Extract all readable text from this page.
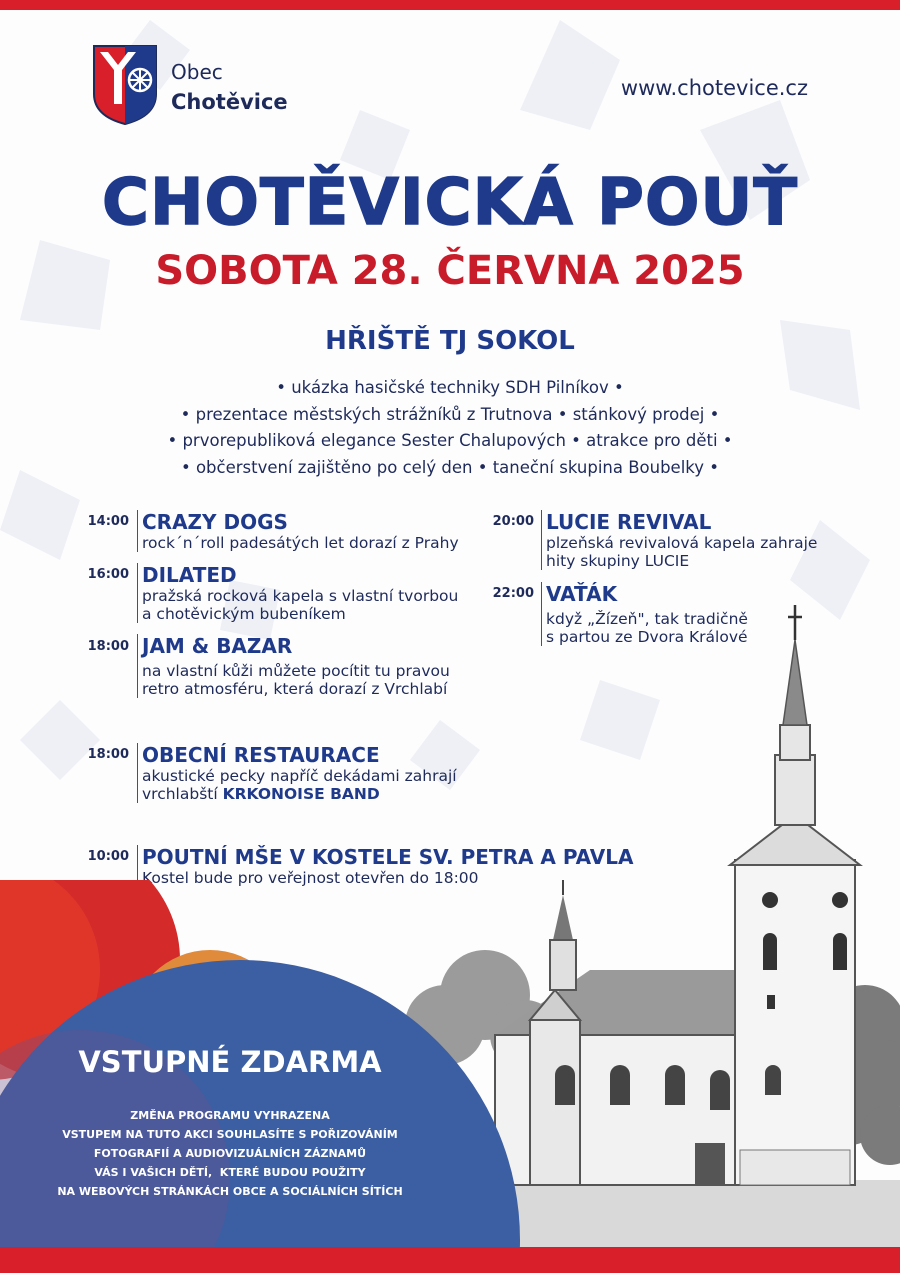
Obec
Chotěvice
www.chotevice.cz
CHOTĚVICKÁ POUŤ
SOBOTA 28. ČERVNA 2025
HŘIŠTĚ TJ SOKOL
• ukázka hasičské techniky SDH Pilníkov •
• prezentace městských strážníků z Trutnova • stánkový prodej •
• prvorepubliková elegance Sester Chalupových • atrakce pro děti •
• občerstvení zajištěno po celý den • taneční skupina Boubelky •
14:00 CRAZY DOGS
rock´n´roll padesátých let dorazí z Prahy
16:00 DILATED
pražská rocková kapela s vlastní tvorbou
a chotěvickým bubeníkem
18:00 JAM & BAZAR
na vlastní kůži můžete pocítit tu pravou
retro atmosféru, která dorazí z Vrchlabí
20:00 LUCIE REVIVAL
plzeňská revivalová kapela zahraje
hity skupiny LUCIE
22:00 VAŤÁK
když „Žízeň", tak tradičně
s partou ze Dvora Králové
18:00 OBECNÍ RESTAURACE
akustické pecky napříč dekádami zahrají
vrchlabští KRKONOISE BAND
10:00 POUTNÍ MŠE V KOSTELE SV. PETRA A PAVLA
Kostel bude pro veřejnost otevřen do 18:00
VSTUPNÉ ZDARMA
ZMĚNA PROGRAMU VYHRAZENA
VSTUPEM NA TUTO AKCI SOUHLASÍTE S POŘIZOVÁNÍM
FOTOGRAFIÍ A AUDIOVIZUÁLNÍCH ZÁZNAMŮ
VÁS I VAŠICH DĚTÍ,  KTERÉ BUDOU POUŽITY
NA WEBOVÝCH STRÁNKÁCH OBCE A SOCIÁLNÍCH SÍTÍCH
